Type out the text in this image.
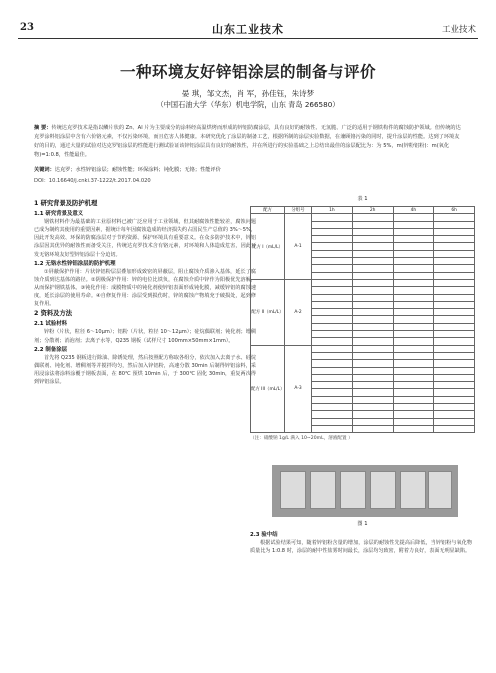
23	山东工业技术	工业技术
一种环境友好锌铝涂层的制备与评价
晏 琪，邹文杰，肖 军，孙佳钰，朱诗梦
（中国石油大学（华东）机电学院，山东 青岛 266580）
摘 要：传统达克罗技术是指以鳞片状的 Zn、Al 片为主要成分的涂料经高温烘烤而形成的锌铝防腐涂层，具有良好的耐蚀性、无氢脆、广泛的适用于钢铁构件的腐蚀防护领域。但传统的达克罗涂料铝涂层中含有六价铬元素，不仅污染环境，而且危害人体健康。本研究优化了涂层的制备工艺，根据所制的涂层实验数据，在兼顾铬污染的同时，提升涂层的性能。达到了环境友好的目的，通过大量的试验对达克罗铝涂层的性能进行测试验证该锌铝涂层具有良好的耐蚀性，并在所进行的实验基础之上总结出最佳的涂层配比为：为 5%，m(锌粉铝粉)：m(氧化物)=1:0.8，性能最佳。
关键词：达克罗；水性锌铝涂层；耐蚀性能；环保涂料；钝化膜；无铬；性能评价
DOI：10.16640/j.cnki.37-1222/t.2017.04.020
1 研究背景及防护机理
1.1 研究背景及意义
钢铁材料作为最基础的工业原材料已被广泛应用于工业领域，但其耐腐蚀性能较差，腐蚀问题已成为制约其使用的重要因素，据统计每年因腐蚀造成的经济损失约占国民生产总值的 3%～5%，因此开发高效、环保的防腐涂层对于节约资源、保护环境具有重要意义。在众多防护技术中，锌铝涂层因其优异的耐蚀性而备受关注，传统达克罗技术含有铬元素，对环境和人体造成危害，因此开发无铬环境友好型锌铝涂层十分迫切。
1.2 无铬水性锌铝涂层的防护机理
①屏蔽保护作用：片状锌铝粉层层叠加形成致密的屏蔽层，阻止腐蚀介质渗入基体，延长了腐蚀介质到达基体的路径。②阴极保护作用：锌的电位比铁负，在腐蚀介质中锌作为阳极优先溶解，从而保护钢铁基体。③钝化作用：成膜物质中的钝化剂使锌铝表面形成钝化膜，减缓锌铝的腐蚀速度，延长涂层的使用寿命。④自修复作用：涂层受到损伤时，锌的腐蚀产物填充于破损处，起到修复作用。
2 资料及方法
2.1 试验材料
锌粉（片状，粒径 6～10μm）；铝粉（片状，粒径 10～12μm）；硅烷偶联剂；钝化剂；增稠剂；分散剂；消泡剂；去离子水等，Q235 钢板（试样尺寸 100mm×50mm×1mm）。
2.2 制备涂层
首先将 Q235 钢板进行除油、除锈处理，然后按照配方称取各组分，依次加入去离子水、硅烷偶联剂、钝化剂、增稠剂等并搅拌均匀，然后加入锌铝粉，高速分散 30min 后制得锌铝涂料，采用浸涂法将涂料涂覆于钢板表面，在 80℃ 预烘 10min 后，于 300℃ 固化 30min，重复两次得到锌铝涂层。
表 1
配方	分组号	1h	2h	4h	6h
配方 I（mL/L）	A-1				

配方 II（mL/L）	A-2				

配方 III（mL/L）	A-3				

（注：硝酸钠 1g/L 满入 10~20mL，溶液配置 ）
图 1
2.3 验中结
根据试验结果可知，随着锌铝粉含量的增加，涂层的耐蚀性先提高后降低，当锌铝粉与氧化物质量比为 1:0.8 时，涂层的耐中性盐雾时间最长，涂层均匀致密，附着力良好，表面无明显缺陷。
